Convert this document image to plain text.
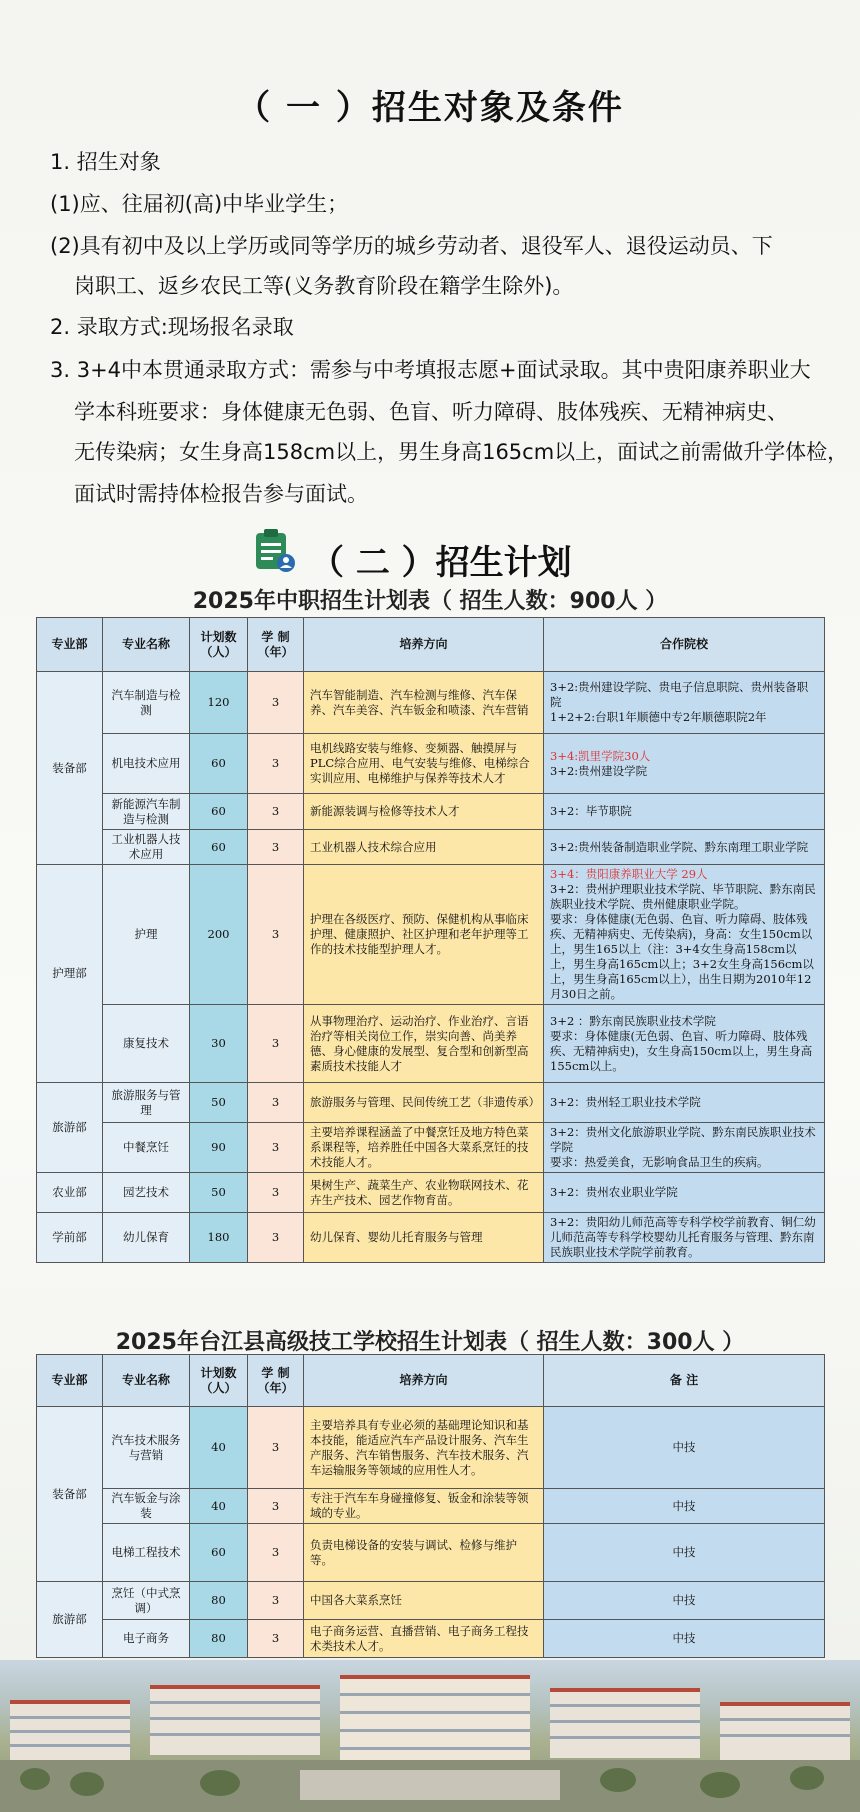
（ 一 ）招生对象及条件
1. 招生对象
(1)应、往届初(高)中毕业学生；
(2)具有初中及以上学历或同等学历的城乡劳动者、退役军人、退役运动员、下
岗职工、返乡农民工等(义务教育阶段在籍学生除外)。
2. 录取方式:现场报名录取
3. 3+4中本贯通录取方式：需参与中考填报志愿+面试录取。其中贵阳康养职业大
学本科班要求：身体健康无色弱、色盲、听力障碍、肢体残疾、无精神病史、
无传染病；女生身高158cm以上，男生身高165cm以上，面试之前需做升学体检，
面试时需持体检报告参与面试。
（ 二 ）招生计划
2025年中职招生计划表（ 招生人数：900人 ）
专业部	专业名称	计划数（人）	学 制（年）	培养方向	合作院校
装备部	汽车制造与检测	120	3	汽车智能制造、汽车检测与维修、汽车保养、汽车美容、汽车钣金和喷漆、汽车营销	3+2:贵州建设学院、贵电子信息职院、贵州装备职院
1+2+2:台职1年顺德中专2年顺德职院2年

	机电技术应用	60	3	电机线路安装与维修、变频器、触摸屏与PLC综合应用、电气安装与维修、电梯综合实训应用、电梯维护与保养等技术人才	3+4:凯里学院30人
3+2:贵州建设学院

	新能源汽车制造与检测	60	3	新能源装调与检修等技术人才	3+2：毕节职院

	工业机器人技术应用	60	3	工业机器人技术综合应用	3+2:贵州装备制造职业学院、黔东南理工职业学院

护理部	护理	200	3	护理在各级医疗、预防、保健机构从事临床护理、健康照护、社区护理和老年护理等工作的技术技能型护理人才。	3+4：贵阳康养职业大学 29人
3+2：贵州护理职业技术学院、毕节职院、黔东南民族职业技术学院、贵州健康职业学院。
要求：身体健康(无色弱、色盲、听力障碍、肢体残疾、无精神病史、无传染病)，身高：女生150cm以上，男生165以上（注：3+4女生身高158cm以上，男生身高165cm以上；3+2女生身高156cm以上，男生身高165cm以上），出生日期为2010年12月30日之前。

	康复技术	30	3	从事物理治疗、运动治疗、作业治疗、言语治疗等相关岗位工作，崇实向善、尚美养德、身心健康的发展型、复合型和创新型高素质技术技能人才	3+2 ：黔东南民族职业技术学院
要求：身体健康(无色弱、色盲、听力障碍、肢体残疾、无精神病史)，女生身高150cm以上，男生身高155cm以上。

旅游部	旅游服务与管理	50	3	旅游服务与管理、民间传统工艺（非遗传承）	3+2：贵州轻工职业技术学院

	中餐烹饪	90	3	主要培养课程涵盖了中餐烹饪及地方特色菜系课程等，培养胜任中国各大菜系烹饪的技术技能人才。	3+2：贵州文化旅游职业学院、黔东南民族职业技术学院
要求：热爱美食，无影响食品卫生的疾病。

农业部	园艺技术	50	3	果树生产、蔬菜生产、农业物联网技术、花卉生产技术、园艺作物育苗。	3+2：贵州农业职业学院

学前部	幼儿保育	180	3	幼儿保育、婴幼儿托育服务与管理	3+2：贵阳幼儿师范高等专科学校学前教育、铜仁幼儿师范高等专科学校婴幼儿托育服务与管理、黔东南民族职业技术学院学前教育。
2025年台江县高级技工学校招生计划表（ 招生人数：300人 ）
专业部	专业名称	计划数（人）	学 制（年）	培养方向	备 注
装备部	汽车技术服务与营销	40	3	主要培养具有专业必须的基础理论知识和基本技能，能适应汽车产品设计服务、汽车生产服务、汽车销售服务、汽车技术服务、汽车运输服务等领域的应用性人才。	中技
	汽车钣金与涂装	40	3	专注于汽车车身碰撞修复、钣金和涂装等领域的专业。	中技
	电梯工程技术	60	3	负责电梯设备的安装与调试、检修与维护等。	中技
旅游部	烹饪（中式烹调）	80	3	中国各大菜系烹饪	中技
	电子商务	80	3	电子商务运营、直播营销、电子商务工程技术类技术人才。	中技
